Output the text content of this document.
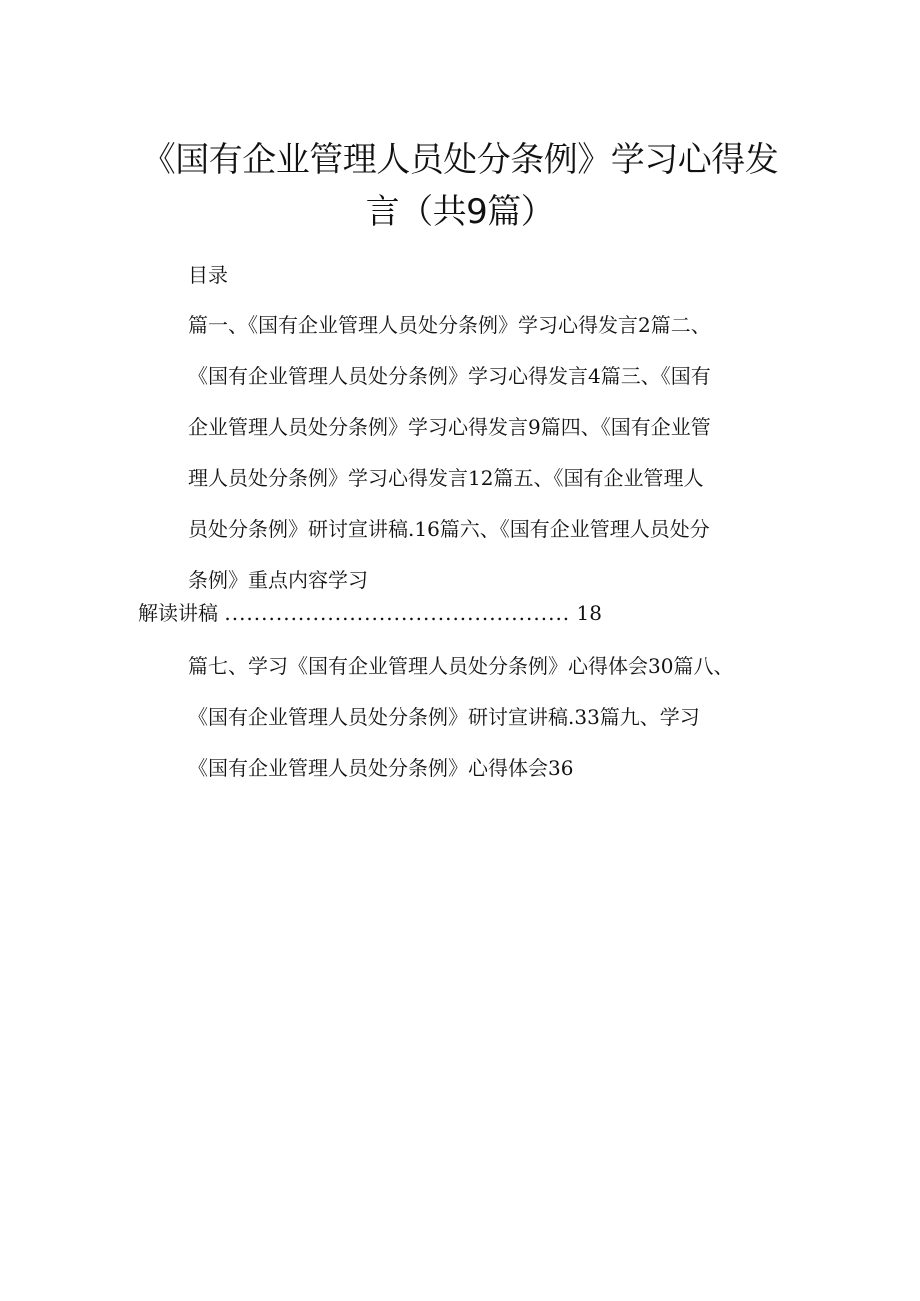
《国有企业管理人员处分条例》学习心得发
言（共9篇）
目录
篇一、《国有企业管理人员处分条例》学习心得发言2篇二、
《国有企业管理人员处分条例》学习心得发言4篇三、《国有
企业管理人员处分条例》学习心得发言9篇四、《国有企业管
理人员处分条例》学习心得发言12篇五、《国有企业管理人
员处分条例》研讨宣讲稿.16篇六、《国有企业管理人员处分
条例》重点内容学习
解读讲稿 ............................................... 18
篇七、学习《国有企业管理人员处分条例》心得体会30篇八、
《国有企业管理人员处分条例》研讨宣讲稿.33篇九、学习
《国有企业管理人员处分条例》心得体会36
